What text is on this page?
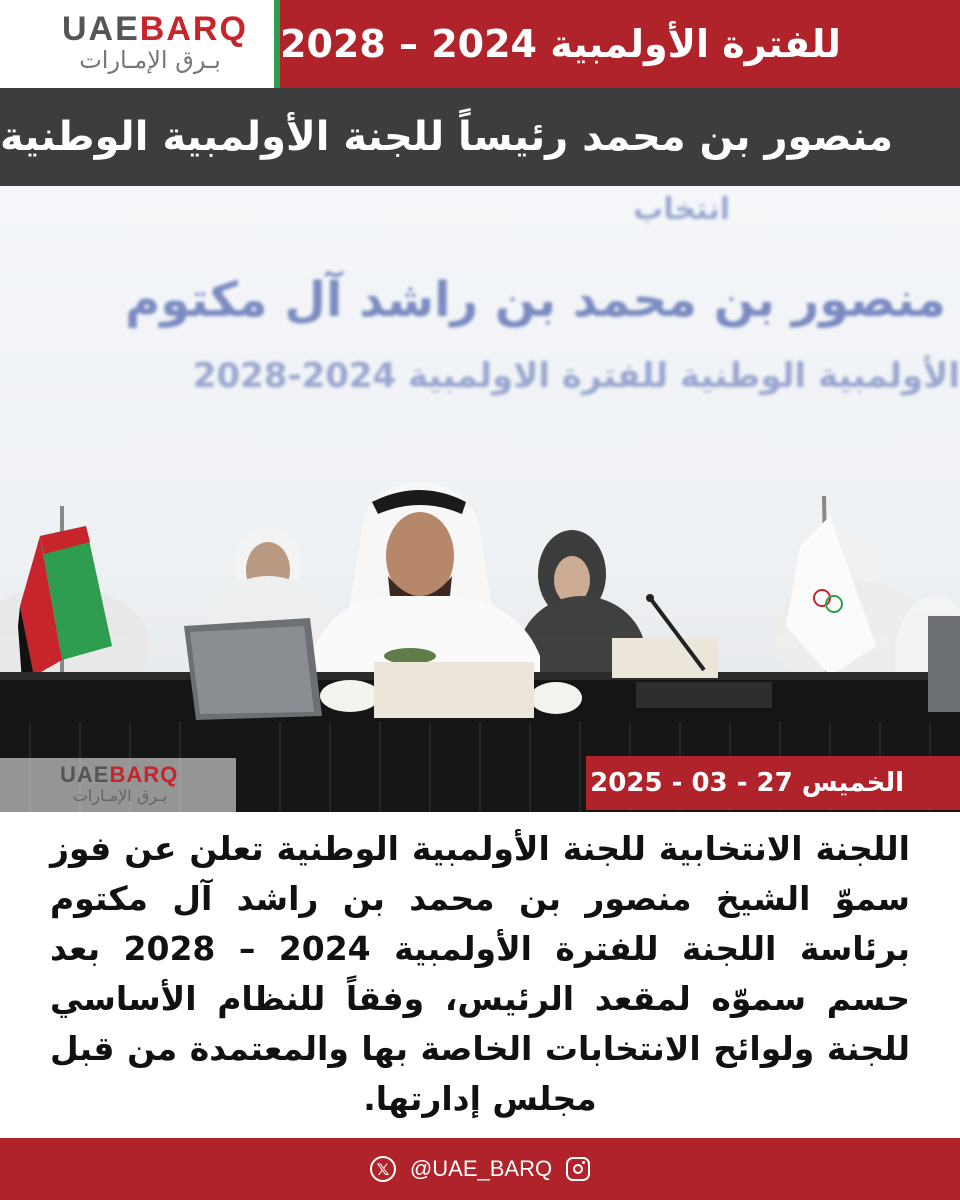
UAEBARQ
بـرق الإمـارات	للفترة الأولمبية 2024 – 2028
منصور بن محمد رئيساً للجنة الأولمبية الوطنية
انتخاب
منصور بن محمد بن راشد آل مكتوم
الأولمبية الوطنية للفترة الاولمبية 2024-2028
UAEBARQ
بـرق الإمـارات	الخميس 27 - 03 - 2025
اللجنة الانتخابية للجنة الأولمبية الوطنية تعلن عن فوز سموّ الشيخ منصور بن محمد بن راشد آل مكتوم برئاسة اللجنة للفترة الأولمبية 2024 – 2028 بعد حسم سموّه لمقعد الرئيس، وفقاً للنظام الأساسي للجنة ولوائح الانتخابات الخاصة بها والمعتمدة من قبل مجلس إدارتها.
𝕏 @UAE_BARQ
